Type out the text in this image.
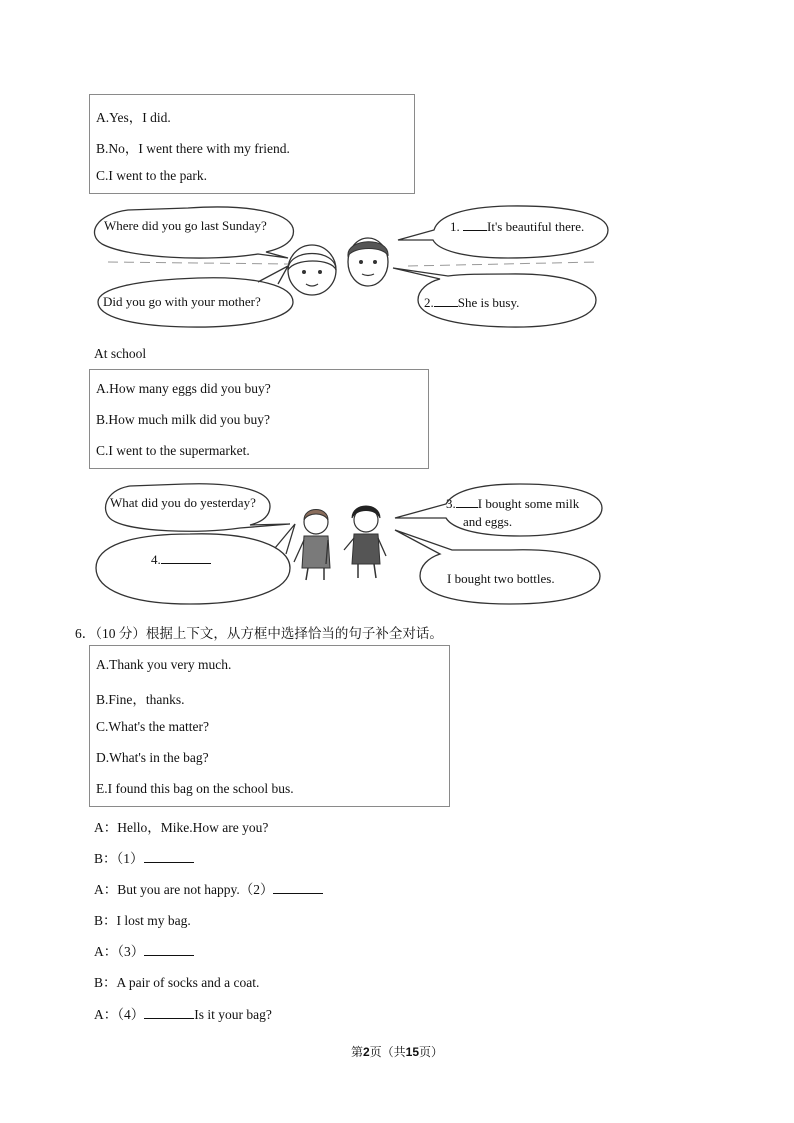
A.Yes，I did.
B.No，I went there with my friend.
C.I went to the park.
Where did you go last Sunday?
Did you go with your mother?
1. It's beautiful there.
2. She is busy.
At school
A.How many eggs did you buy?
B.How much milk did you buy?
C.I went to the supermarket.
What did you do yesterday?
4.
3. I bought some milk
and eggs.
I bought two bottles.
6．（10 分）根据上下文，从方框中选择恰当的句子补全对话。
A.Thank you very much.
B.Fine，thanks.
C.What's the matter?
D.What's in the bag?
E.I found this bag on the school bus.
A：Hello，Mike.How are you?
B：（1）
A：But you are not happy.（2）
B：I lost my bag.
A：（3）
B：A pair of socks and a coat.
A：（4）	Is it your bag?
第2页（共15页）
